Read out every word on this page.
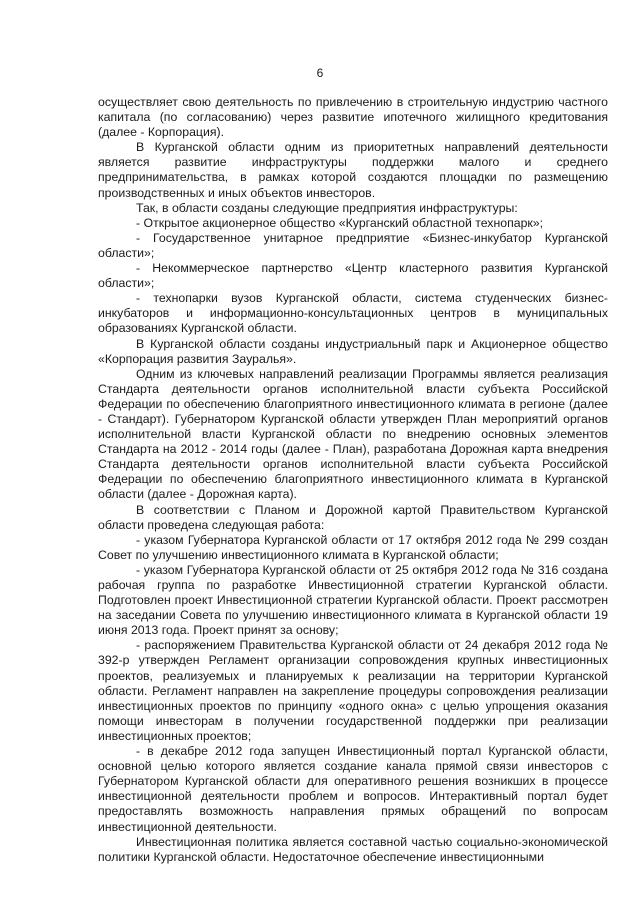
6

осуществляет свою деятельность по привлечению в строительную индустрию частного капитала (по согласованию) через развитие ипотечного жилищного кредитования (далее - Корпорация).

В Курганской области одним из приоритетных направлений деятельности является развитие инфраструктуры поддержки малого и среднего предпринимательства, в рамках которой создаются площадки по размещению производственных и иных объектов инвесторов.

Так, в области созданы следующие предприятия инфраструктуры:

- Открытое акционерное общество «Курганский областной технопарк»;

- Государственное унитарное предприятие «Бизнес-инкубатор Курганской области»;

- Некоммерческое партнерство «Центр кластерного развития Курганской области»;

- технопарки вузов Курганской области, система студенческих бизнес-инкубаторов и информационно-консультационных центров в муниципальных образованиях Курганской области.

В Курганской области созданы индустриальный парк и Акционерное общество «Корпорация развития Зауралья».

Одним из ключевых направлений реализации Программы является реализация Стандарта деятельности органов исполнительной власти субъекта Российской Федерации по обеспечению благоприятного инвестиционного климата в регионе (далее - Стандарт). Губернатором Курганской области утвержден План мероприятий органов исполнительной власти Курганской области по внедрению основных элементов Стандарта на 2012 - 2014 годы (далее - План), разработана Дорожная карта внедрения Стандарта деятельности органов исполнительной власти субъекта Российской Федерации по обеспечению благоприятного инвестиционного климата в Курганской области (далее - Дорожная карта).

В соответствии с Планом и Дорожной картой Правительством Курганской области проведена следующая работа:

- указом Губернатора Курганской области от 17 октября 2012 года № 299 создан Совет по улучшению инвестиционного климата в Курганской области;

- указом Губернатора Курганской области от 25 октября 2012 года № 316 создана рабочая группа по разработке Инвестиционной стратегии Курганской области. Подготовлен проект Инвестиционной стратегии Курганской области. Проект рассмотрен на заседании Совета по улучшению инвестиционного климата в Курганской области 19 июня 2013 года. Проект принят за основу;

- распоряжением Правительства Курганской области от 24 декабря 2012 года № 392-р утвержден Регламент организации сопровождения крупных инвестиционных проектов, реализуемых и планируемых к реализации на территории Курганской области. Регламент направлен на закрепление процедуры сопровождения реализации инвестиционных проектов по принципу «одного окна» с целью упрощения оказания помощи инвесторам в получении государственной поддержки при реализации инвестиционных проектов;

- в декабре 2012 года запущен Инвестиционный портал Курганской области, основной целью которого является создание канала прямой связи инвесторов с Губернатором Курганской области для оперативного решения возникших в процессе инвестиционной деятельности проблем и вопросов. Интерактивный портал будет предоставлять возможность направления прямых обращений по вопросам инвестиционной деятельности.

Инвестиционная политика является составной частью социально-экономической политики Курганской области. Недостаточное обеспечение инвестиционными
